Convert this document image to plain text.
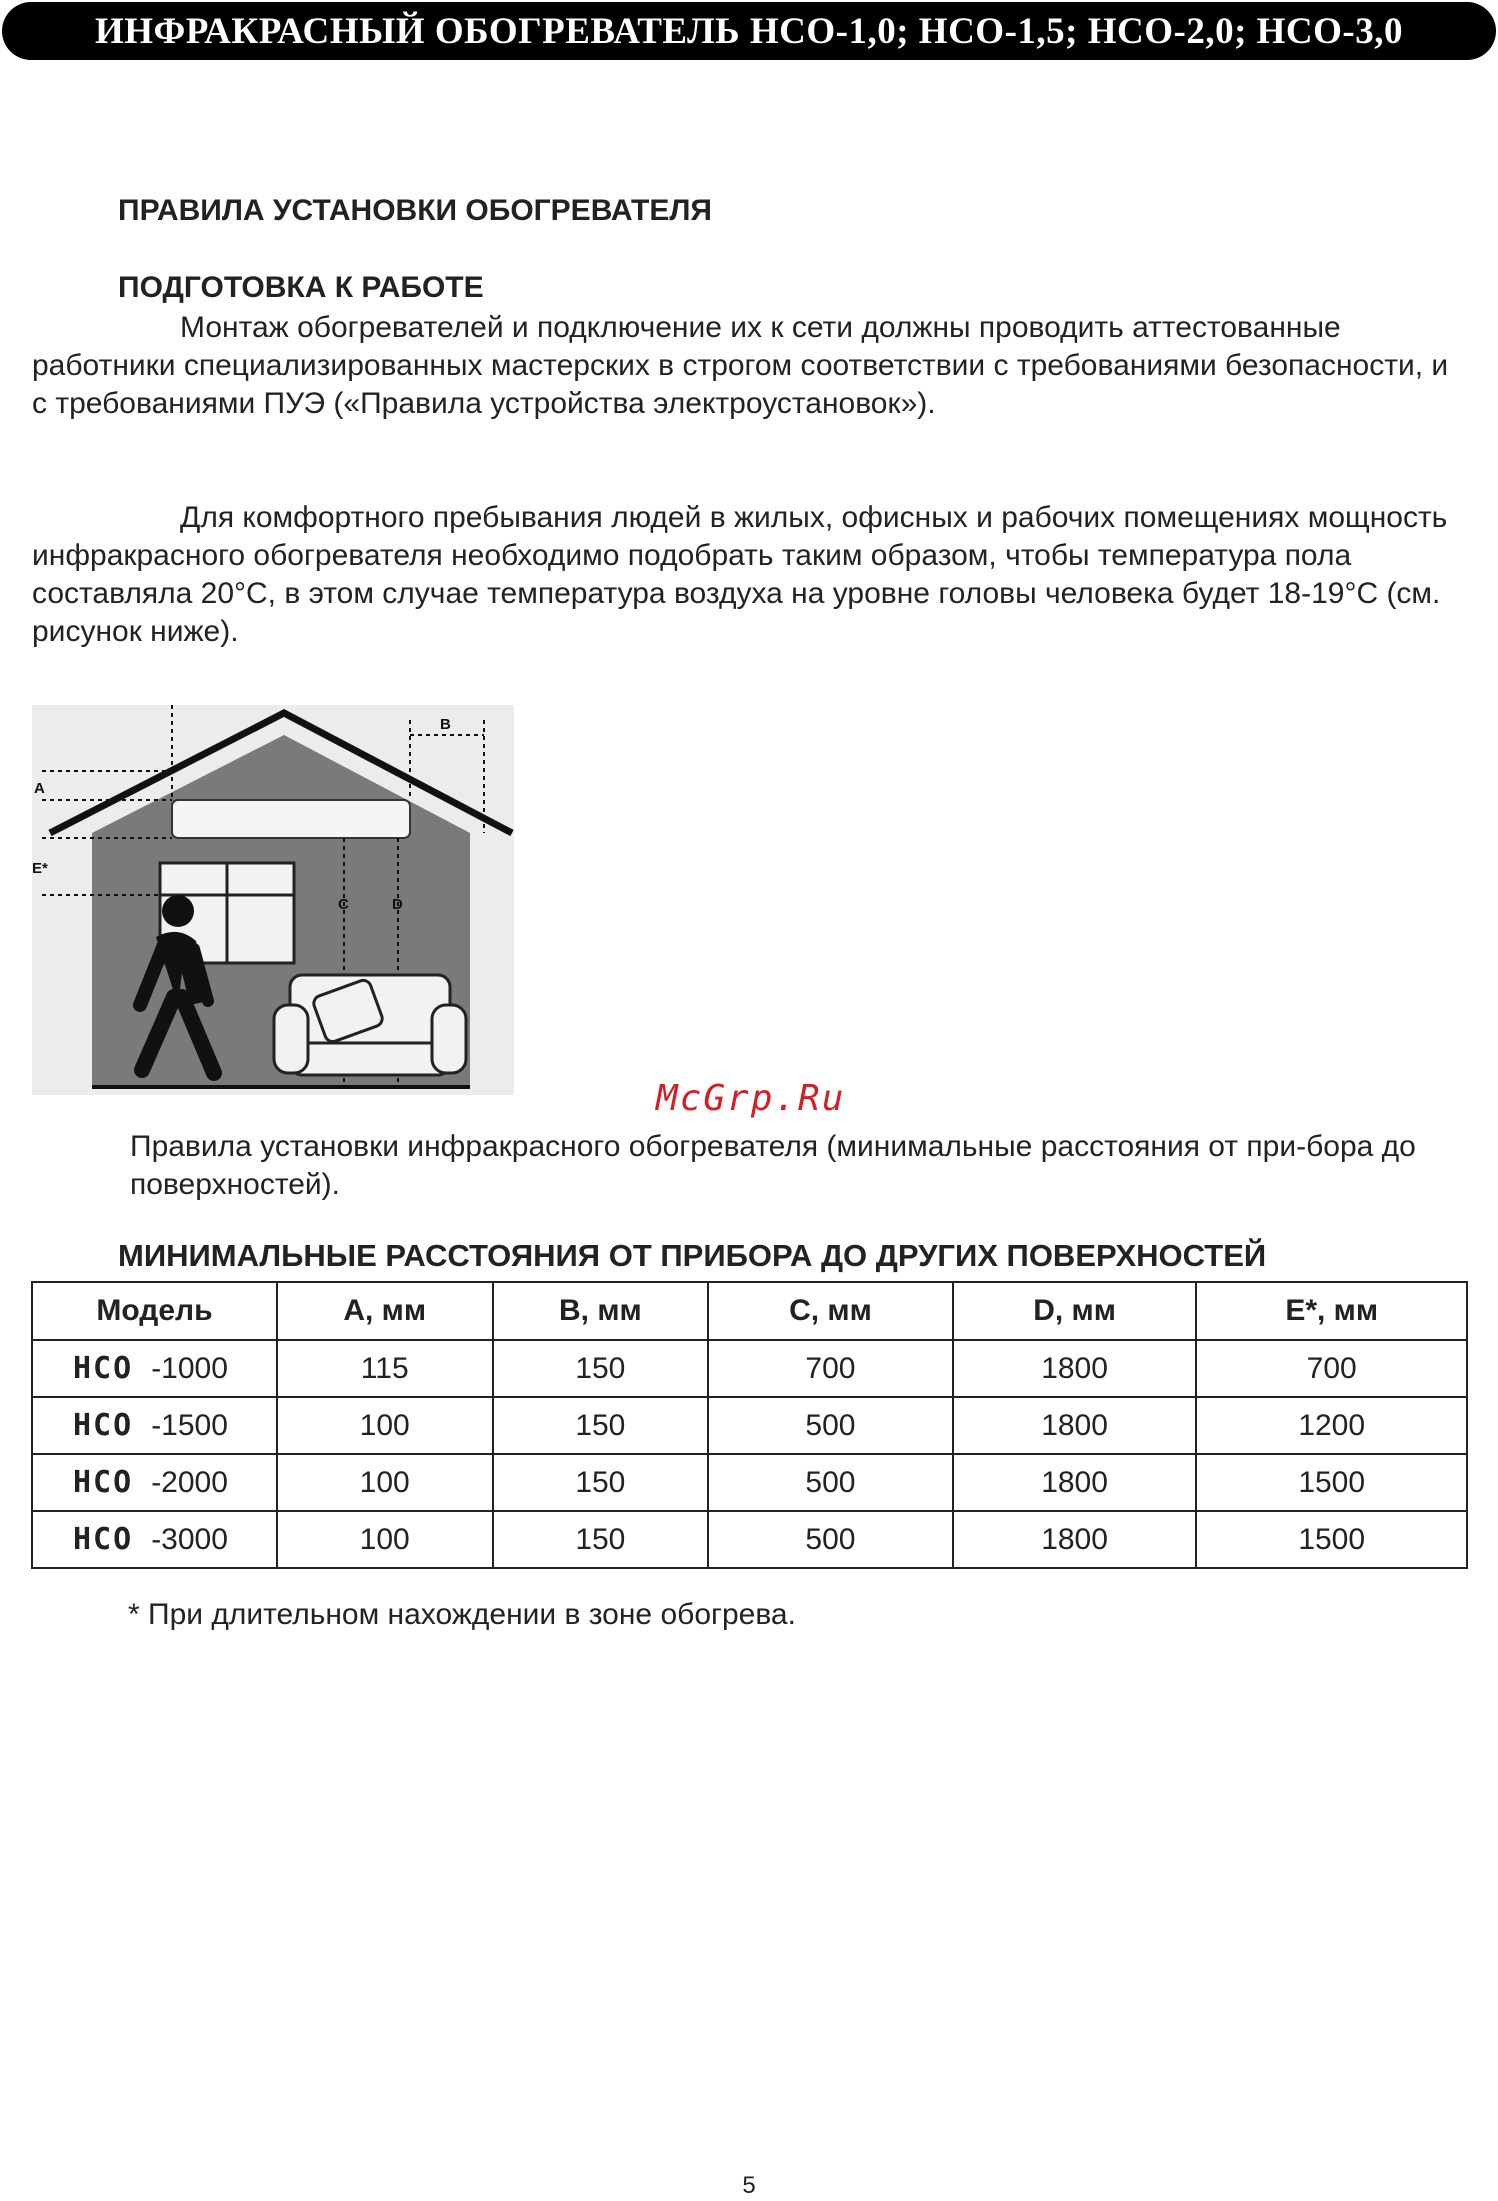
ИНФРАКРАСНЫЙ ОБОГРЕВАТЕЛЬ НСО-1,0; НСО-1,5; НСО-2,0; НСО-3,0
ПРАВИЛА УСТАНОВКИ ОБОГРЕВАТЕЛЯ
ПОДГОТОВКА К РАБОТЕ
Монтаж обогревателей и подключение их к сети должны проводить аттестованные работники специализированных мастерских в строгом соответствии с требованиями безопасности, и с требованиями ПУЭ («Правила устройства электроустановок»).
Для комфортного пребывания людей в жилых, офисных и рабочих помещениях мощность инфракрасного обогревателя необходимо подобрать таким образом, чтобы температура пола составляла 20°С, в этом случае температура воздуха на уровне головы человека будет 18-19°С (см. рисунок ниже).
A
B
C	D
E*
McGrp.Ru
Правила установки инфракрасного обогревателя (минимальные расстояния от при-бора до поверхностей).
МИНИМАЛЬНЫЕ РАССТОЯНИЯ ОТ ПРИБОРА ДО ДРУГИХ ПОВЕРХНОСТЕЙ
Модель	A, мм	B, мм	C, мм	D, мм	E*, мм
НСО -1000	115	150	700	1800	700
НСО -1500	100	150	500	1800	1200
НСО -2000	100	150	500	1800	1500
НСО -3000	100	150	500	1800	1500
* При длительном нахождении в зоне обогрева.
5
